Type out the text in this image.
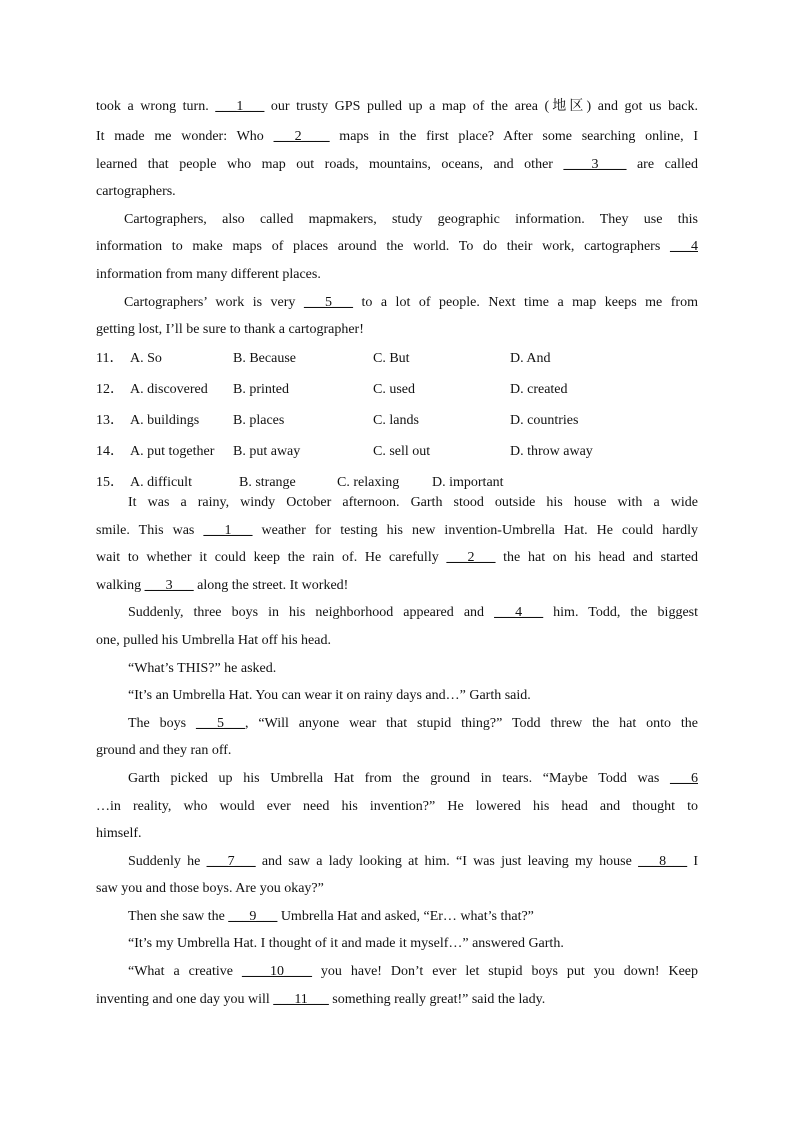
took a wrong turn. ___1___ our trusty GPS pulled up a map of the area (地区) and got us back.
It made me wonder: Who ___2____ maps in the first place? After some searching online, I
learned that people who map out roads, mountains, oceans, and other ____3____ are called
cartographers.
Cartographers, also called mapmakers, study geographic information. They use this
information to make maps of places around the world. To do their work, cartographers ___4
information from many different places.
Cartographers’ work is very ___5___ to a lot of people. Next time a map keeps me from
getting lost, I’ll be sure to thank a cartographer!
11． A. So	B. Because	C. But	D. And
12． A. discovered B. printed	C. used	D. created
13． A. buildings B. places	C. lands	D. countries
14． A. put together B. put away	C. sell out	D. throw away
15． A. difficult	B. strange	C. relaxing D. important
It was a rainy, windy October afternoon. Garth stood outside his house with a wide
smile. This was ___1___ weather for testing his new invention-Umbrella Hat. He could hardly
wait to whether it could keep the rain of. He carefully ___2___ the hat on his head and started
walking ___3___ along the street. It worked!
Suddenly, three boys in his neighborhood appeared and ___4___ him. Todd, the biggest
one, pulled his Umbrella Hat off his head.
“What’s THIS?” he asked.
“It’s an Umbrella Hat. You can wear it on rainy days and…” Garth said.
The boys ___5___, “Will anyone wear that stupid thing?” Todd threw the hat onto the
ground and they ran off.
Garth picked up his Umbrella Hat from the ground in tears. “Maybe Todd was ___6
…in reality, who would ever need his invention?” He lowered his head and thought to
himself.
Suddenly he ___7___ and saw a lady looking at him. “I was just leaving my house ___8___ I
saw you and those boys. Are you okay?”
Then she saw the ___9___ Umbrella Hat and asked, “Er… what’s that?”
“It’s my Umbrella Hat. I thought of it and made it myself…” answered Garth.
“What a creative ____10____ you have! Don’t ever let stupid boys put you down! Keep
inventing and one day you will ___11___ something really great!” said the lady.
